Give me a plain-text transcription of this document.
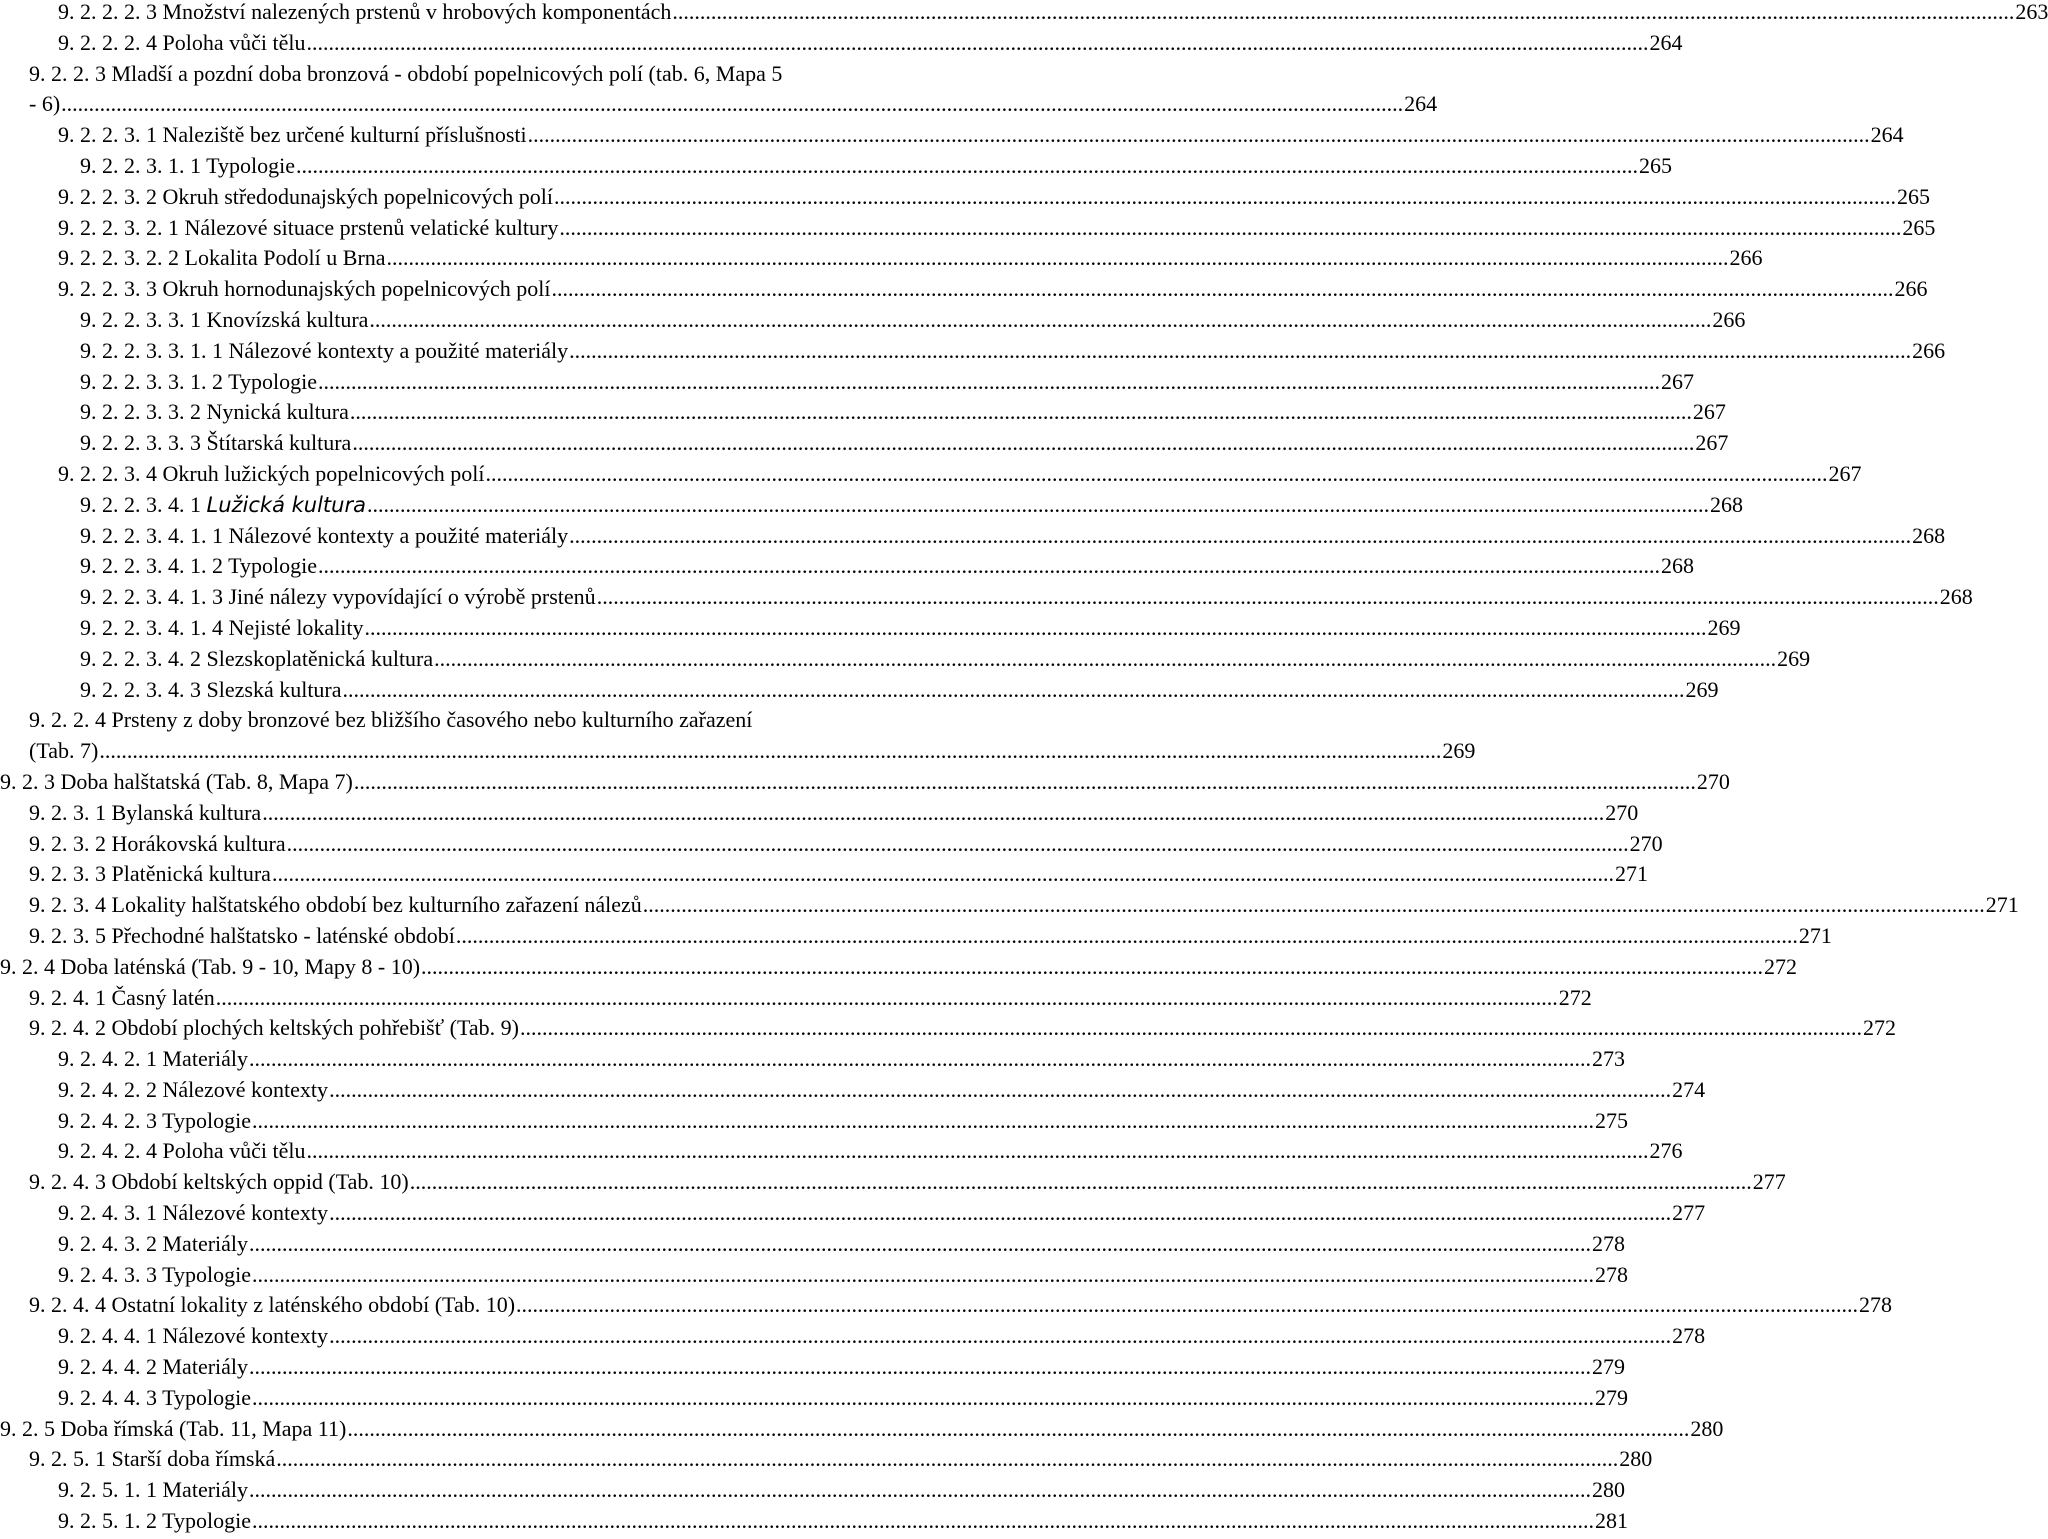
9. 2. 2. 2. 3 Množství nalezených prstenů v hrobových komponentách .....	263
9. 2. 2. 2. 4 Poloha vůči tělu .....	264
9. 2. 2. 3 Mladší a pozdní doba bronzová - období popelnicových polí (tab. 6, Mapa 5
- 6) .....	264
9. 2. 2. 3. 1 Naleziště bez určené kulturní příslušnosti .....	264
9. 2. 2. 3. 1. 1 Typologie .....	265
9. 2. 2. 3. 2 Okruh středodunajských popelnicových polí .....	265
9. 2. 2. 3. 2. 1 Nálezové situace prstenů velatické kultury .....	265
9. 2. 2. 3. 2. 2 Lokalita Podolí u Brna .....	266
9. 2. 2. 3. 3 Okruh hornodunajských popelnicových polí .....	266
9. 2. 2. 3. 3. 1 Knovízská kultura .....	266
9. 2. 2. 3. 3. 1. 1 Nálezové kontexty a použité materiály .....	266
9. 2. 2. 3. 3. 1. 2 Typologie .....	267
9. 2. 2. 3. 3. 2 Nynická kultura .....	267
9. 2. 2. 3. 3. 3 Štítarská kultura .....	267
9. 2. 2. 3. 4 Okruh lužických popelnicových polí .....	267
9. 2. 2. 3. 4. 1 Lužická kultura .....	268
9. 2. 2. 3. 4. 1. 1 Nálezové kontexty a použité materiály .....	268
9. 2. 2. 3. 4. 1. 2 Typologie .....	268
9. 2. 2. 3. 4. 1. 3 Jiné nálezy vypovídající o výrobě prstenů .....	268
9. 2. 2. 3. 4. 1. 4 Nejisté lokality .....	269
9. 2. 2. 3. 4. 2 Slezskoplatěnická kultura .....	269
9. 2. 2. 3. 4. 3 Slezská kultura .....	269
9. 2. 2. 4 Prsteny z doby bronzové bez bližšího časového nebo kulturního zařazení
(Tab. 7) .....	269
9. 2. 3 Doba halštatská (Tab. 8, Mapa 7) .....	270
9. 2. 3. 1 Bylanská kultura .....	270
9. 2. 3. 2 Horákovská kultura .....	270
9. 2. 3. 3 Platěnická kultura .....	271
9. 2. 3. 4 Lokality halštatského období bez kulturního zařazení nálezů .....	271
9. 2. 3. 5 Přechodné halštatsko - laténské období .....	271
9. 2. 4 Doba laténská (Tab. 9 - 10, Mapy 8 - 10) .....	272
9. 2. 4. 1 Časný latén .....	272
9. 2. 4. 2 Období plochých keltských pohřebišť (Tab. 9) .....	272
9. 2. 4. 2. 1 Materiály .....	273
9. 2. 4. 2. 2 Nálezové kontexty .....	274
9. 2. 4. 2. 3 Typologie .....	275
9. 2. 4. 2. 4 Poloha vůči tělu .....	276
9. 2. 4. 3 Období keltských oppid (Tab. 10) .....	277
9. 2. 4. 3. 1 Nálezové kontexty .....	277
9. 2. 4. 3. 2 Materiály .....	278
9. 2. 4. 3. 3 Typologie .....	278
9. 2. 4. 4 Ostatní lokality z laténského období (Tab. 10) .....	278
9. 2. 4. 4. 1 Nálezové kontexty .....	278
9. 2. 4. 4. 2 Materiály .....	279
9. 2. 4. 4. 3 Typologie .....	279
9. 2. 5 Doba římská (Tab. 11, Mapa 11) .....	280
9. 2. 5. 1 Starší doba římská .....	280
9. 2. 5. 1. 1 Materiály .....	280
9. 2. 5. 1. 2 Typologie .....	281
